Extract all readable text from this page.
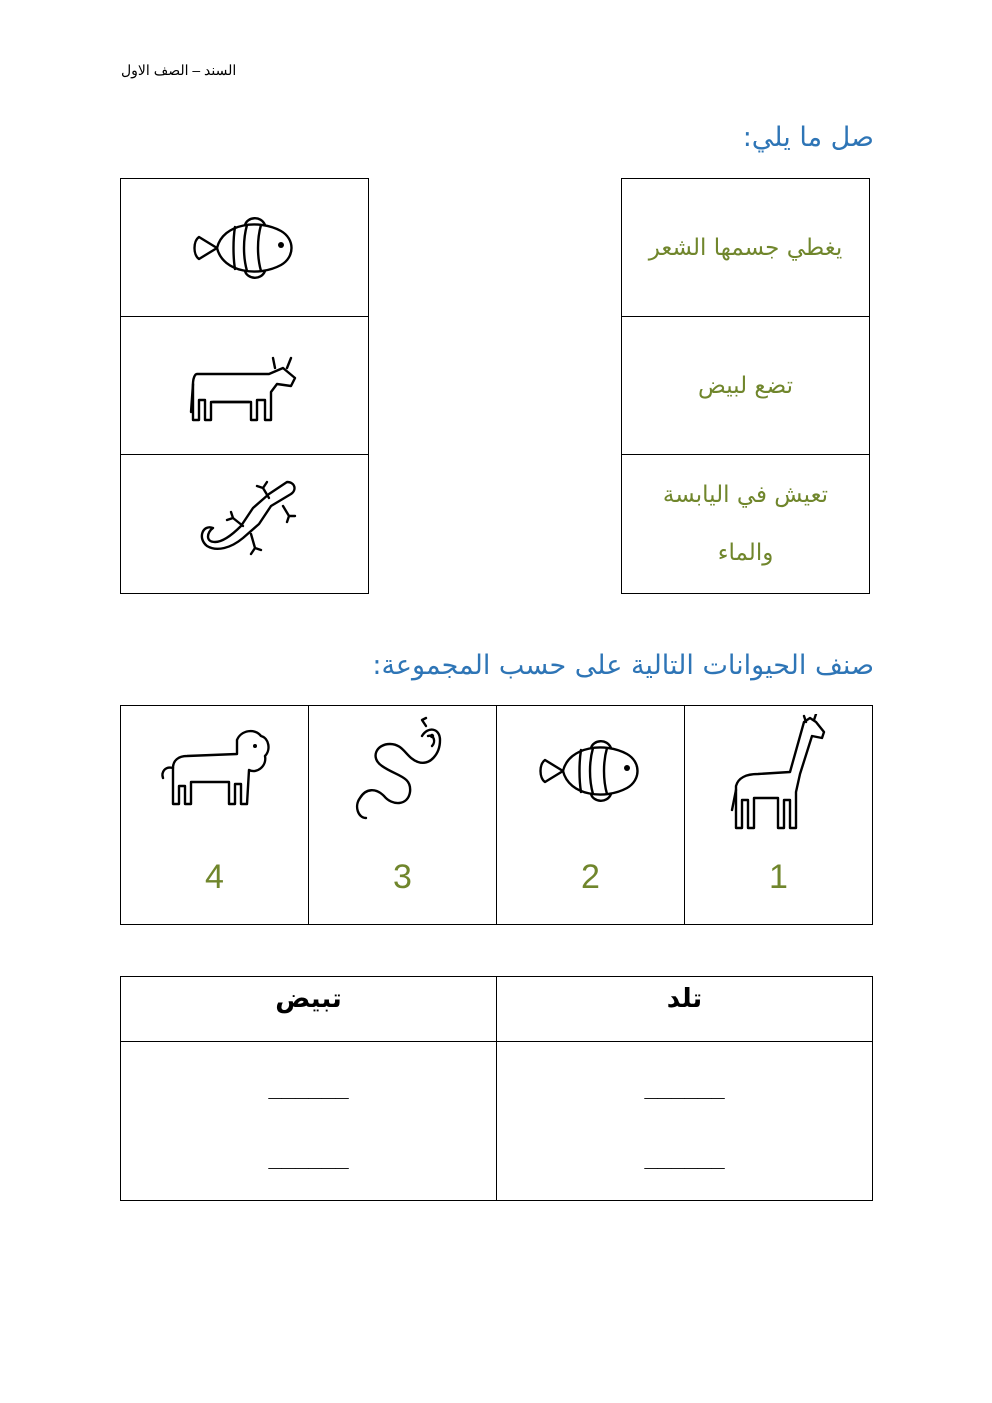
السند – الصف الاول
صل ما يلي:
يغطي جسمها الشعر
تضع لبيض
تعيش في اليابسة والماء
صنف الحيوانات التالية على حسب المجموعة:
1
2
3
4
تلد
تبيض
______
______
______
______
